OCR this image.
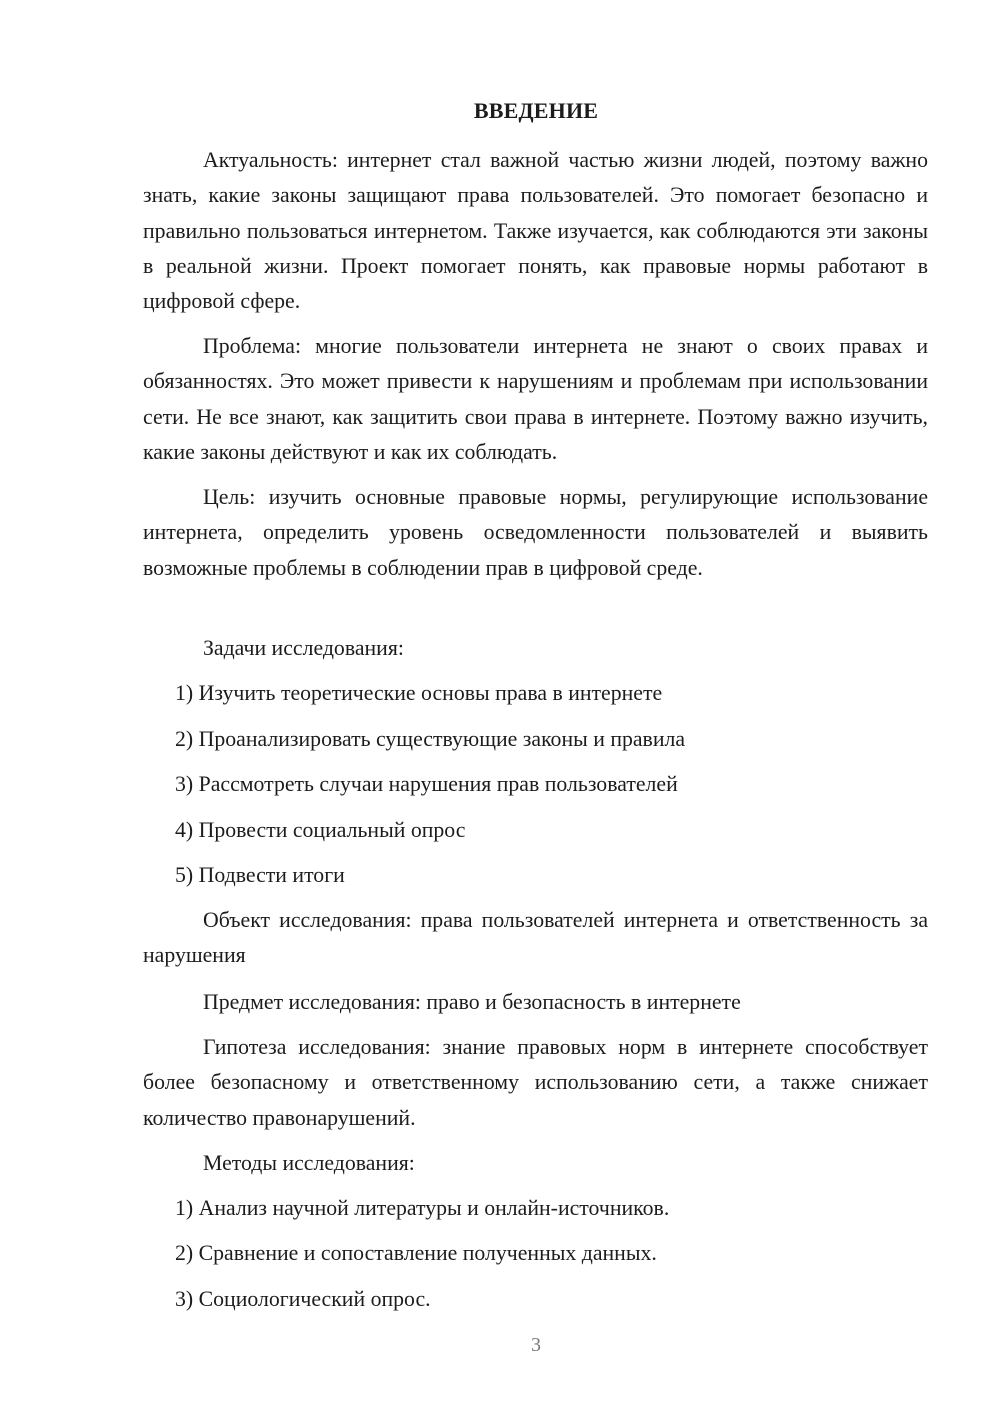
ВВЕДЕНИЕ

Актуальность: интернет стал важной частью жизни людей, поэтому важно знать, какие законы защищают права пользователей. Это помогает безопасно и правильно пользоваться интернетом. Также изучается, как соблюдаются эти законы в реальной жизни. Проект помогает понять, как правовые нормы работают в цифровой сфере.

Проблема: многие пользователи интернета не знают о своих правах и обязанностях. Это может привести к нарушениям и проблемам при использовании сети. Не все знают, как защитить свои права в интернете. Поэтому важно изучить, какие законы действуют и как их соблюдать.

Цель: изучить основные правовые нормы, регулирующие использование интернета, определить уровень осведомленности пользователей и выявить возможные проблемы в соблюдении прав в цифровой среде.

Задачи исследования:

1) Изучить теоретические основы права в интернете
2) Проанализировать существующие законы и правила
3) Рассмотреть случаи нарушения прав пользователей
4) Провести социальный опрос
5) Подвести итоги

Объект исследования: права пользователей интернета и ответственность за нарушения

Предмет исследования: право и безопасность в интернете

Гипотеза исследования: знание правовых норм в интернете способствует более безопасному и ответственному использованию сети, а также снижает количество правонарушений.

Методы исследования:

1) Анализ научной литературы и онлайн-источников.
2) Сравнение и сопоставление полученных данных.
3) Социологический опрос.
3
